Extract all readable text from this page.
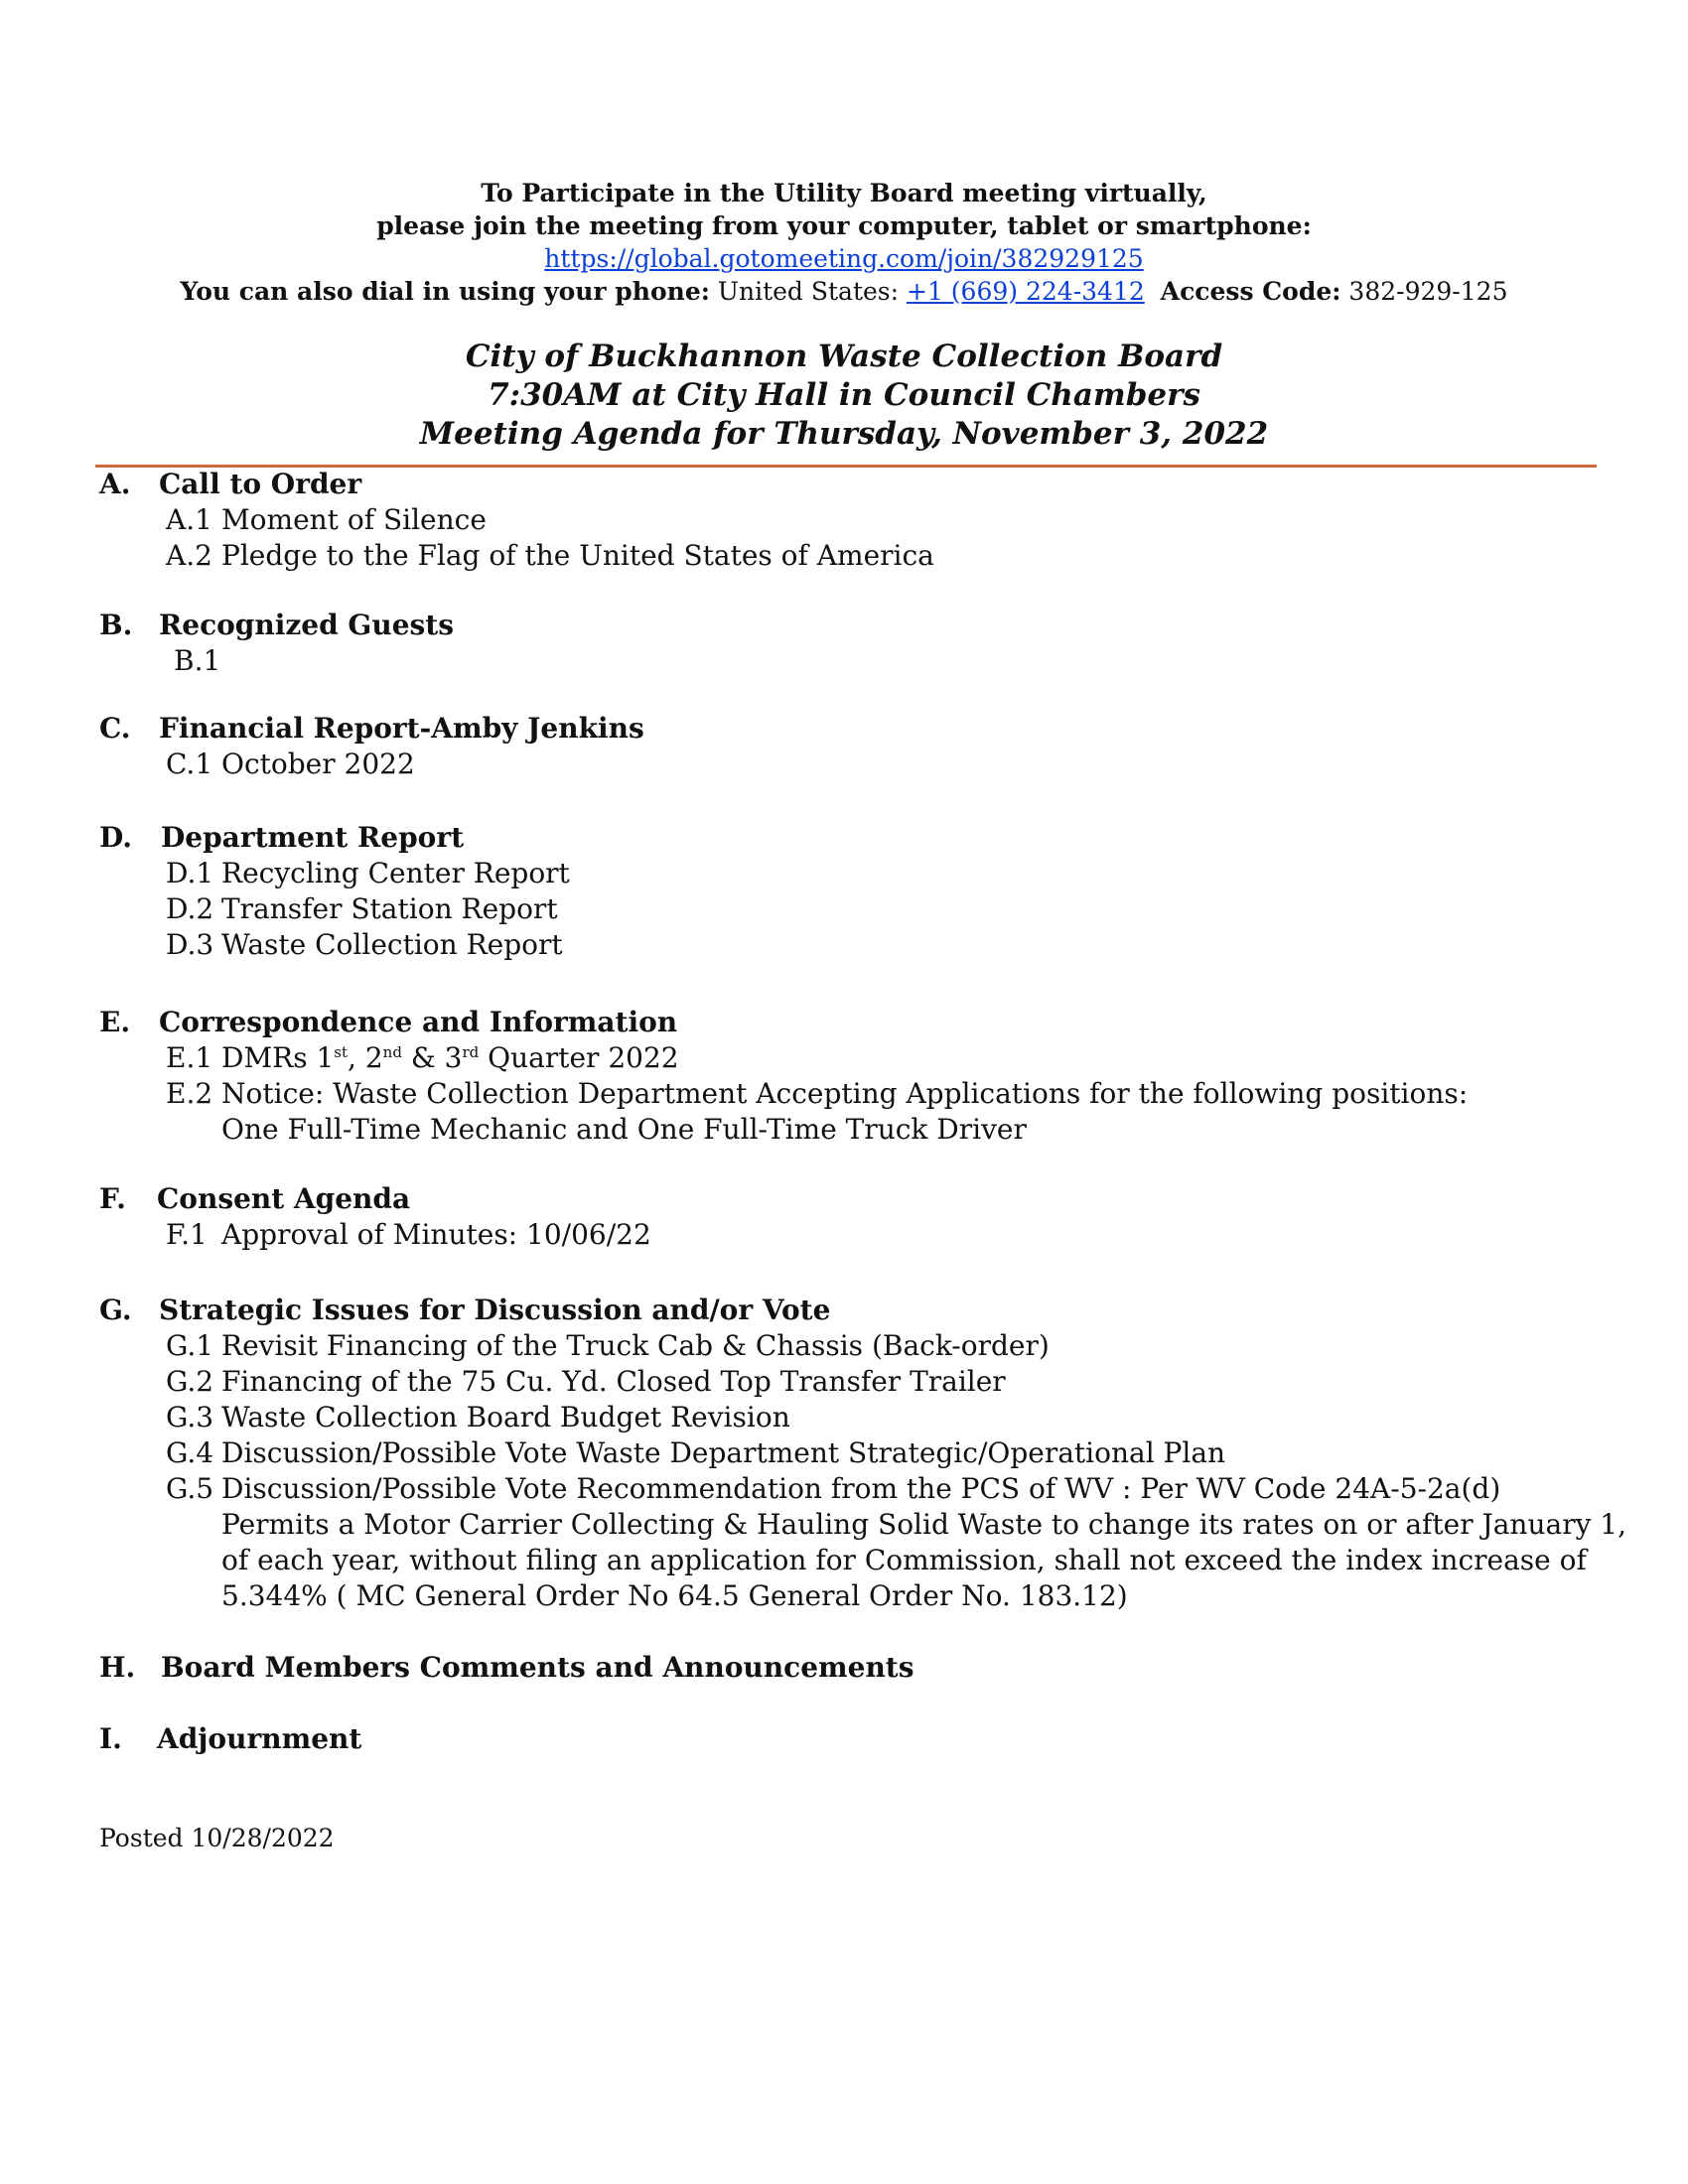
To Participate in the Utility Board meeting virtually,
please join the meeting from your computer, tablet or smartphone:
https://global.gotomeeting.com/join/382929125
You can also dial in using your phone: United States: +1 (669) 224-3412 Access Code: 382-929-125
City of Buckhannon Waste Collection Board
7:30AM at City Hall in Council Chambers
Meeting Agenda for Thursday, November 3, 2022
A. Call to Order
A.1 Moment of Silence
A.2 Pledge to the Flag of the United States of America
B. Recognized Guests
B.1
C. Financial Report-Amby Jenkins
C.1 October 2022
D. Department Report
D.1 Recycling Center Report
D.2 Transfer Station Report
D.3 Waste Collection Report
E. Correspondence and Information
E.1 DMRs 1st, 2nd & 3rd Quarter 2022
E.2 Notice: Waste Collection Department Accepting Applications for the following positions:
One Full-Time Mechanic and One Full-Time Truck Driver
F. Consent Agenda
F.1 Approval of Minutes: 10/06/22
G. Strategic Issues for Discussion and/or Vote
G.1 Revisit Financing of the Truck Cab & Chassis (Back-order)
G.2 Financing of the 75 Cu. Yd. Closed Top Transfer Trailer
G.3 Waste Collection Board Budget Revision
G.4 Discussion/Possible Vote Waste Department Strategic/Operational Plan
G.5 Discussion/Possible Vote Recommendation from the PCS of WV : Per WV Code 24A-5-2a(d)
Permits a Motor Carrier Collecting & Hauling Solid Waste to change its rates on or after January 1,
of each year, without filing an application for Commission, shall not exceed the index increase of
5.344% ( MC General Order No 64.5 General Order No. 183.12)
H. Board Members Comments and Announcements
I. Adjournment
Posted 10/28/2022
